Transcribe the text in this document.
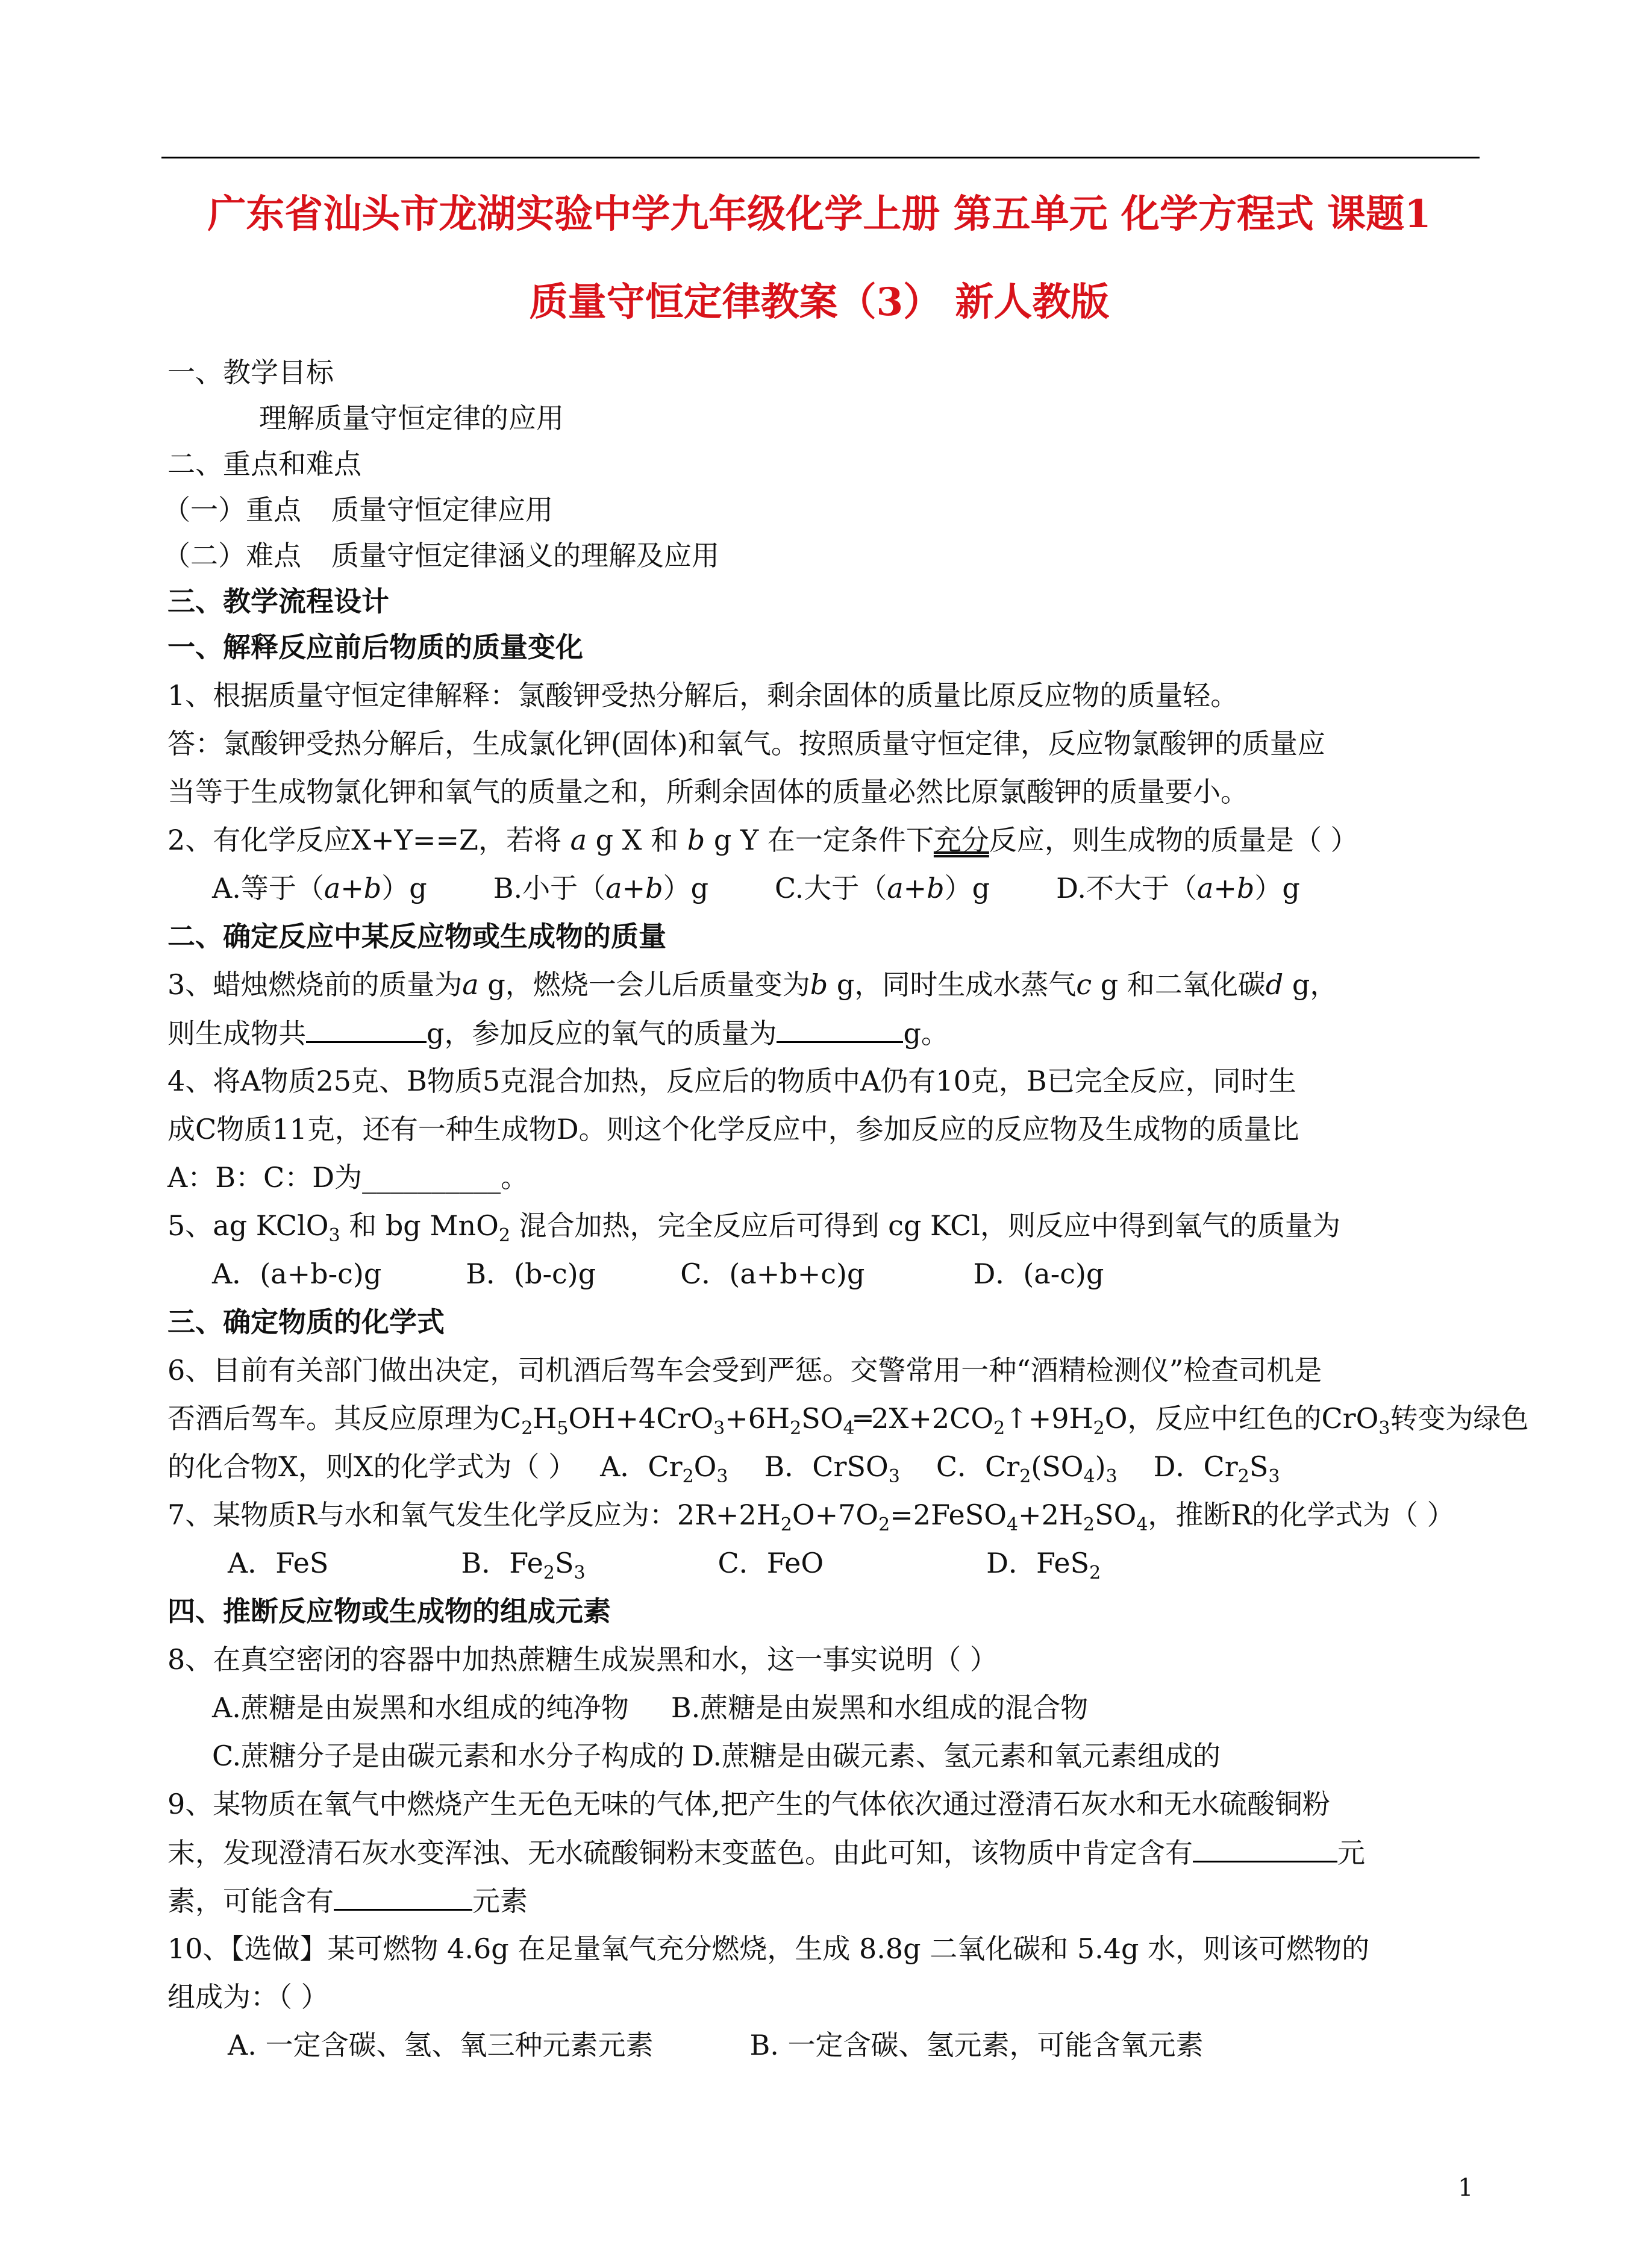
广东省汕头市龙湖实验中学九年级化学上册 第五单元 化学方程式 课题1
质量守恒定律教案（3） 新人教版
一、教学目标
理解质量守恒定律的应用
二、重点和难点
（一）重点 质量守恒定律应用
（二）难点 质量守恒定律涵义的理解及应用
三、教学流程设计
一、解释反应前后物质的质量变化
1、根据质量守恒定律解释：氯酸钾受热分解后，剩余固体的质量比原反应物的质量轻。
答：氯酸钾受热分解后，生成氯化钾(固体)和氧气。按照质量守恒定律，反应物氯酸钾的质量应
当等于生成物氯化钾和氧气的质量之和，所剩余固体的质量必然比原氯酸钾的质量要小。
2、有化学反应X+Y==Z，若将 a g X 和 b g Y 在一定条件下充分反应，则生成物的质量是（ ）
A.等于（a+b）g B.小于（a+b）g C.大于（a+b）g D.不大于（a+b）g
二、确定反应中某反应物或生成物的质量
3、蜡烛燃烧前的质量为a g，燃烧一会儿后质量变为b g，同时生成水蒸气c g 和二氧化碳d g，
则生成物共	g，参加反应的氧气的质量为	g。
4、将A物质25克、B物质5克混合加热，反应后的物质中A仍有10克，B已完全反应，同时生
成C物质11克，还有一种生成物D。则这个化学反应中，参加反应的反应物及生成物的质量比
A：B：C：D为__________。
5、ag KClO$_3$ 和 bg MnO$_2$ 混合加热，完全反应后可得到 cg KCl，则反应中得到氧气的质量为
A．(a+b-c)g	B．(b-c)g	C．(a+b+c)g	D．(a-c)g
三、确定物质的化学式
6、目前有关部门做出决定，司机酒后驾车会受到严惩。交警常用一种“酒精检测仪”检查司机是
否酒后驾车。其反应原理为$C_2H_5OH+4CrO_3+6H_2SO_4═2X+2CO_2↑+9H_2O$，反应中红色的CrO$_3$转变为绿色
的化合物X，则X的化学式为（ ） A．$Cr_2O_3$ B．CrSO$_3$ C．$Cr_2(SO_4)_3$ D．$Cr_2S_3$
7、某物质R与水和氧气发生化学反应为：$2R+2H_2O+7O_2=2FeSO_4+2H_2SO_4$，推断R的化学式为（ ）
A．FeS	B．$Fe_2S_3$	C．FeO	D．FeS$_2$
四、推断反应物或生成物的组成元素
8、在真空密闭的容器中加热蔗糖生成炭黑和水，这一事实说明（ ）
A.蔗糖是由炭黑和水组成的纯净物 B.蔗糖是由炭黑和水组成的混合物
C.蔗糖分子是由碳元素和水分子构成的 D.蔗糖是由碳元素、氢元素和氧元素组成的
9、某物质在氧气中燃烧产生无色无味的气体,把产生的气体依次通过澄清石灰水和无水硫酸铜粉
末，发现澄清石灰水变浑浊、无水硫酸铜粉末变蓝色。由此可知，该物质中肯定含有	元
素，可能含有	元素
10、【选做】某可燃物 4.6g 在足量氧气充分燃烧，生成 8.8g 二氧化碳和 5.4g 水，则该可燃物的
组成为：（ ）
A. 一定含碳、氢、氧三种元素元素	B. 一定含碳、氢元素，可能含氧元素
1
